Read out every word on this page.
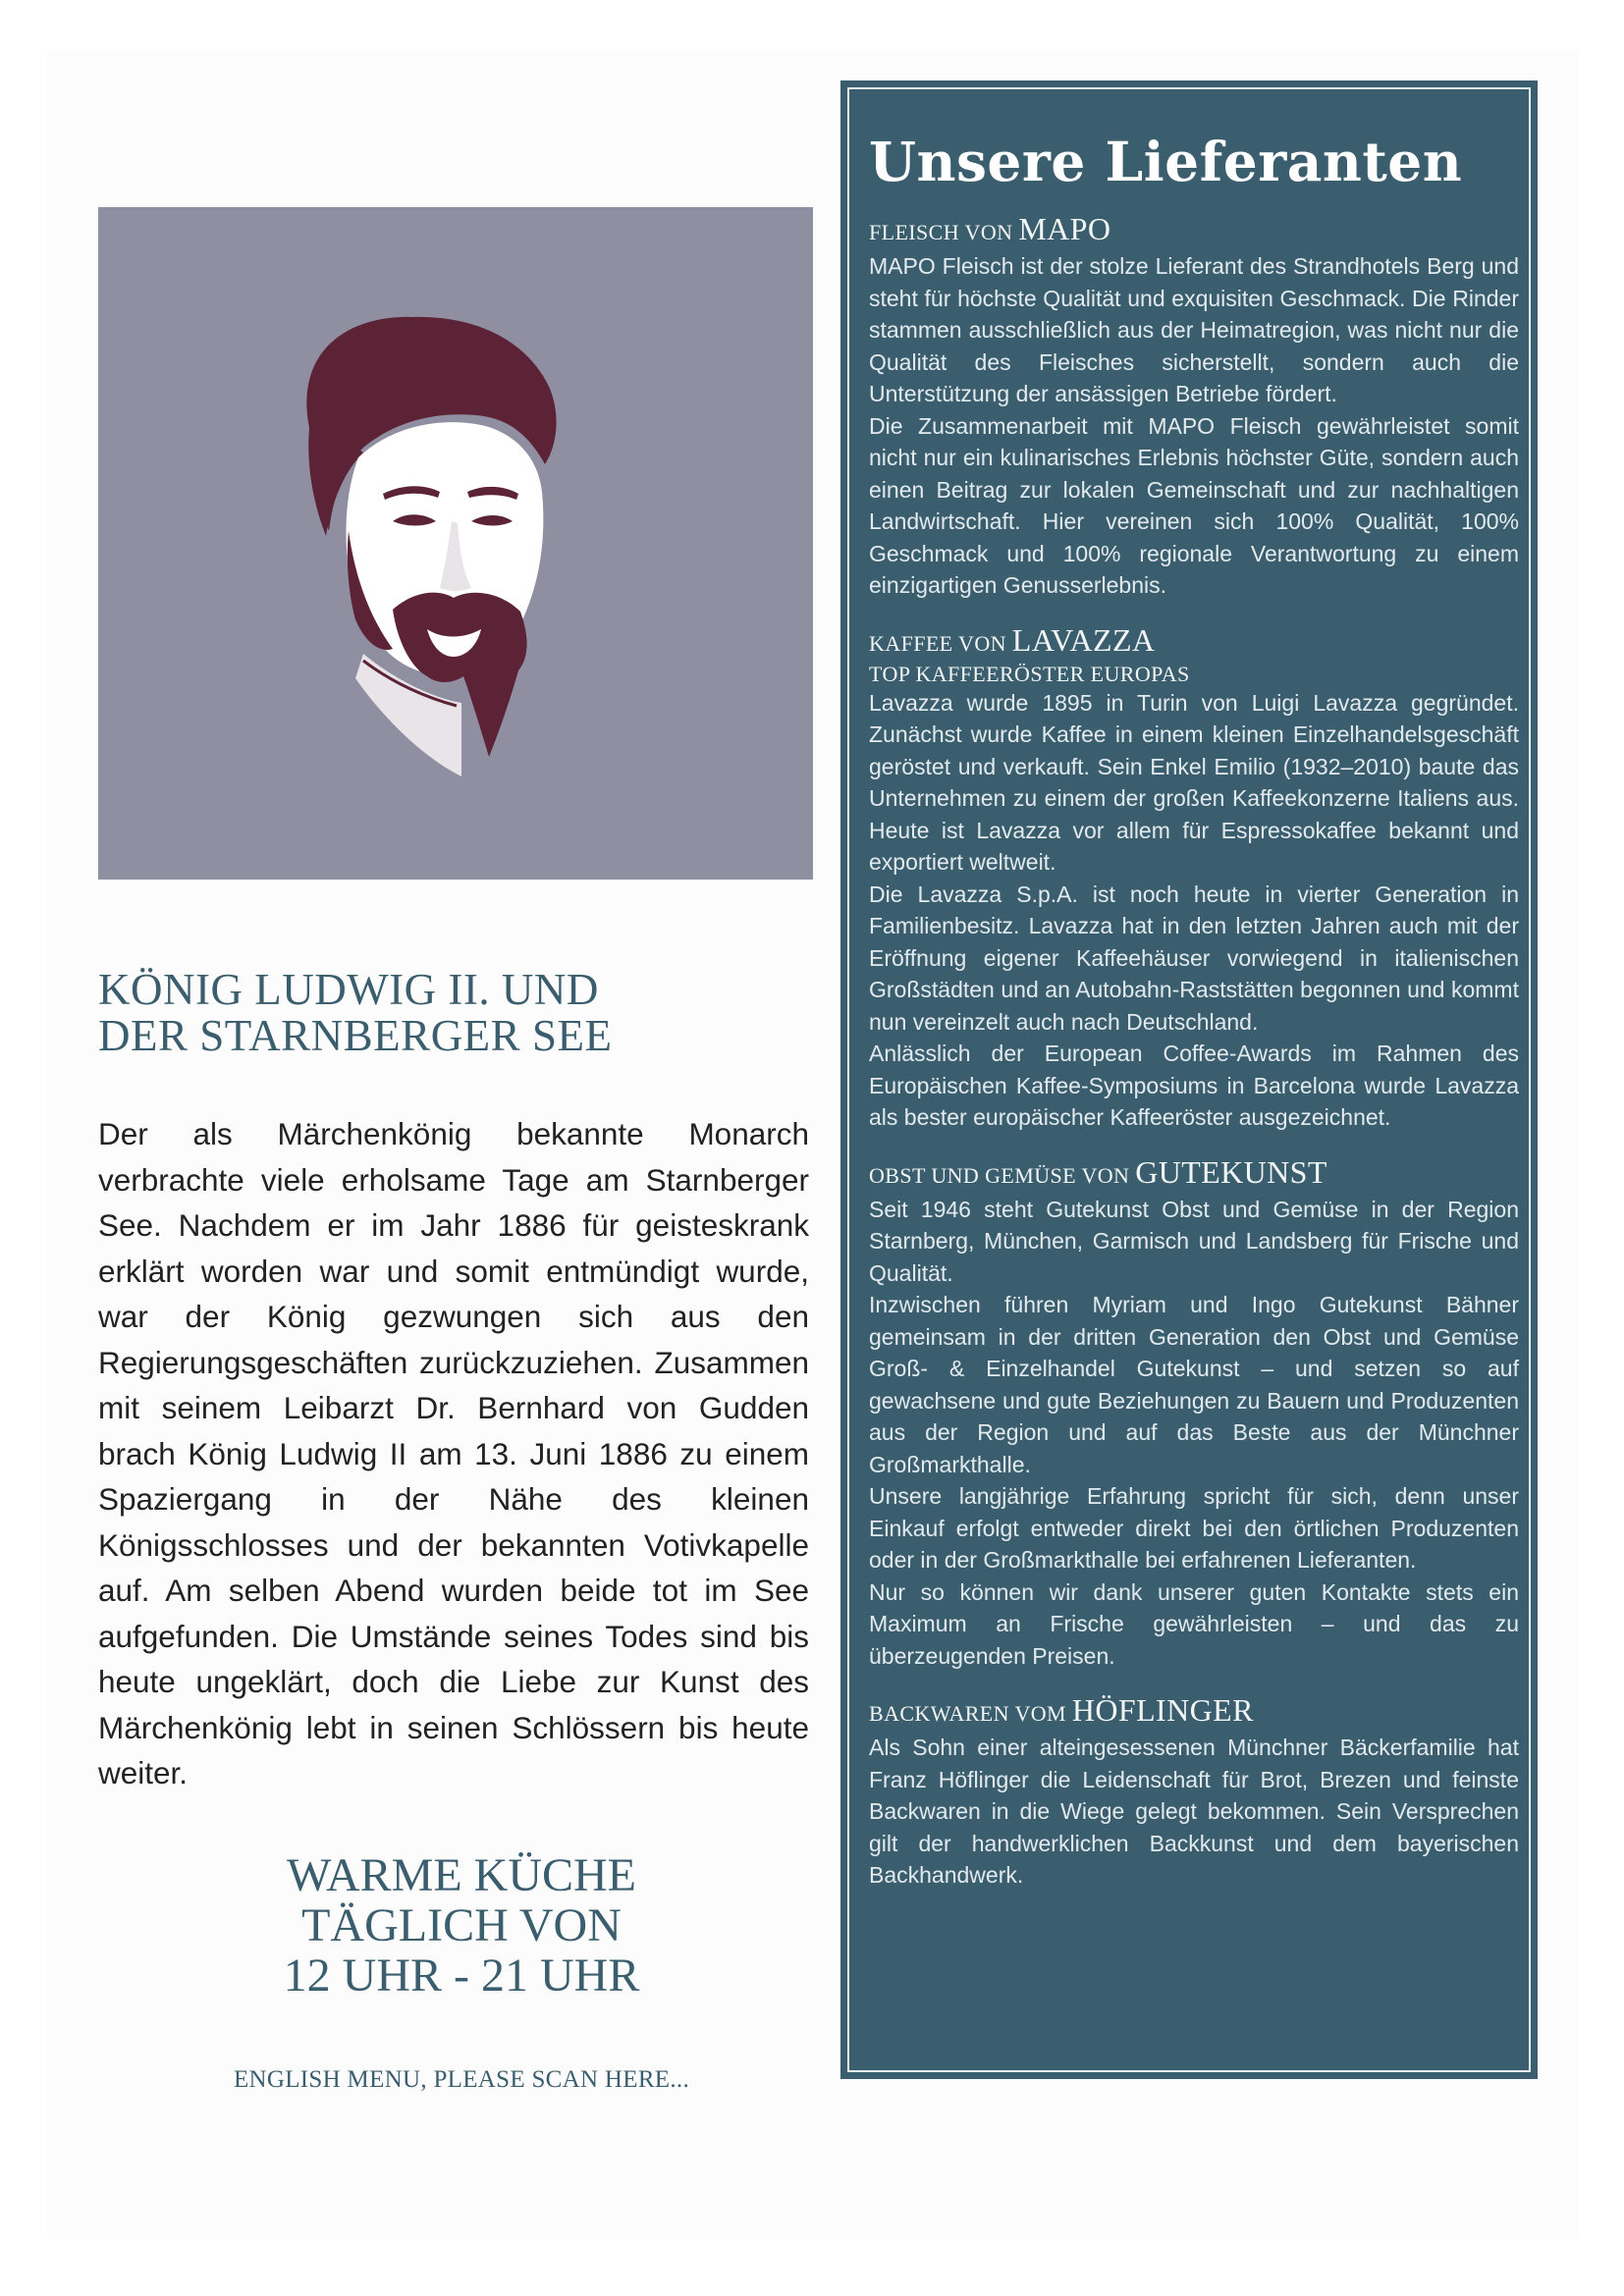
KÖNIG LUDWIG II. UND
DER STARNBERGER SEE

Der als Märchenkönig bekannte Monarch verbrachte viele erholsame Tage am Starnberger See. Nachdem er im Jahr 1886 für geisteskrank erklärt worden war und somit entmündigt wurde, war der König gezwungen sich aus den Regierungsgeschäften zurückzuziehen. Zusammen mit seinem Leibarzt Dr. Bernhard von Gudden brach König Ludwig II am 13. Juni 1886 zu einem Spaziergang in der Nähe des kleinen Königsschlosses und der bekannten Votivkapelle auf. Am selben Abend wurden beide tot im See aufgefunden. Die Umstände seines Todes sind bis heute ungeklärt, doch die Liebe zur Kunst des Märchenkönig lebt in seinen Schlössern bis heute weiter.

WARME KÜCHE
TÄGLICH VON
12 UHR - 21 UHR
ENGLISH MENU, PLEASE SCAN HERE...
Unsere Lieferanten
FLEISCH VON MAPO

MAPO Fleisch ist der stolze Lieferant des Strandhotels Berg und steht für höchste Qualität und exquisiten Geschmack. Die Rinder stammen ausschließlich aus der Heimatregion, was nicht nur die Qualität des Fleisches sicherstellt, sondern auch die Unterstützung der ansässigen Betriebe fördert.

Die Zusammenarbeit mit MAPO Fleisch gewährleistet somit nicht nur ein kulinarisches Erlebnis höchster Güte, sondern auch einen Beitrag zur lokalen Gemeinschaft und zur nachhaltigen Landwirtschaft. Hier vereinen sich 100% Qualität, 100% Geschmack und 100% regionale Verantwortung zu einem einzigartigen Genusserlebnis.

KAFFEE VON LAVAZZA
TOP KAFFEERÖSTER EUROPAS

Lavazza wurde 1895 in Turin von Luigi Lavazza gegründet. Zunächst wurde Kaffee in einem kleinen Einzelhandelsgeschäft geröstet und verkauft. Sein Enkel Emilio (1932–2010) baute das Unternehmen zu einem der großen Kaffeekonzerne Italiens aus. Heute ist Lavazza vor allem für Espressokaffee bekannt und exportiert weltweit.

Die Lavazza S.p.A. ist noch heute in vierter Generation in Familienbesitz. Lavazza hat in den letzten Jahren auch mit der Eröffnung eigener Kaffeehäuser vorwiegend in italienischen Großstädten und an Autobahn-Raststätten begonnen und kommt nun vereinzelt auch nach Deutschland.

Anlässlich der European Coffee-Awards im Rahmen des Europäischen Kaffee-Symposiums in Barcelona wurde Lavazza als bester europäischer Kaffeeröster ausgezeichnet.

OBST UND GEMÜSE VON GUTEKUNST

Seit 1946 steht Gutekunst Obst und Gemüse in der Region Starnberg, München, Garmisch und Landsberg für Frische und Qualität.

Inzwischen führen Myriam und Ingo Gutekunst Bähner gemeinsam in der dritten Generation den Obst und Gemüse Groß- & Einzelhandel Gutekunst – und setzen so auf gewachsene und gute Beziehungen zu Bauern und Produzenten aus der Region und auf das Beste aus der Münchner Großmarkthalle.

Unsere langjährige Erfahrung spricht für sich, denn unser Einkauf erfolgt entweder direkt bei den örtlichen Produzenten oder in der Großmarkthalle bei erfahrenen Lieferanten.

Nur so können wir dank unserer guten Kontakte stets ein Maximum an Frische gewährleisten – und das zu überzeugenden Preisen.

BACKWAREN VOM HÖFLINGER

Als Sohn einer alteingesessenen Münchner Bäckerfamilie hat Franz Höflinger die Leidenschaft für Brot, Brezen und feinste Backwaren in die Wiege gelegt bekommen. Sein Versprechen gilt der handwerklichen Backkunst und dem bayerischen Backhandwerk.
